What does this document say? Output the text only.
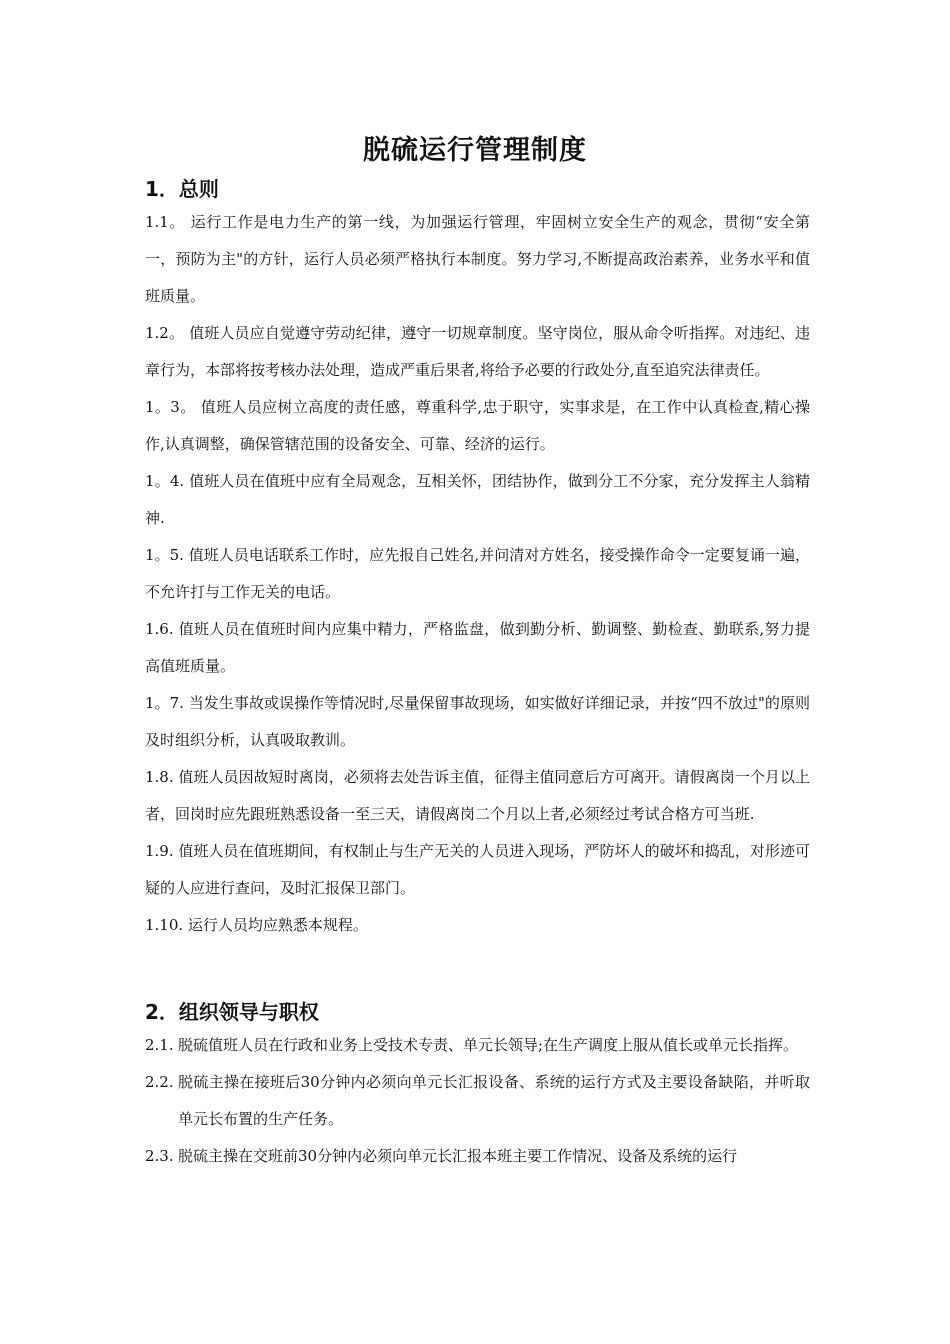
脱硫运行管理制度
1．总则

1.1。 运行工作是电力生产的第一线，为加强运行管理，牢固树立安全生产的观念，贯彻“安全第一，预防为主"的方针，运行人员必须严格执行本制度。努力学习,不断提高政治素养，业务水平和值班质量。

1.2。 值班人员应自觉遵守劳动纪律，遵守一切规章制度。坚守岗位，服从命令听指挥。对违纪、违章行为，本部将按考核办法处理，造成严重后果者,将给予必要的行政处分,直至追究法律责任。

1。3。 值班人员应树立高度的责任感，尊重科学,忠于职守，实事求是，在工作中认真检查,精心操作,认真调整，确保管辖范围的设备安全、可靠、经济的运行。

1。4. 值班人员在值班中应有全局观念，互相关怀，团结协作，做到分工不分家，充分发挥主人翁精神.

1。5. 值班人员电话联系工作时，应先报自己姓名,并问清对方姓名，接受操作命令一定要复诵一遍，不允许打与工作无关的电话。

1.6. 值班人员在值班时间内应集中精力，严格监盘，做到勤分析、勤调整、勤检查、勤联系,努力提高值班质量。

1。7. 当发生事故或误操作等情况时,尽量保留事故现场，如实做好详细记录，并按“四不放过"的原则及时组织分析，认真吸取教训。

1.8. 值班人员因故短时离岗，必须将去处告诉主值，征得主值同意后方可离开。请假离岗一个月以上者，回岗时应先跟班熟悉设备一至三天，请假离岗二个月以上者,必须经过考试合格方可当班.

1.9. 值班人员在值班期间，有权制止与生产无关的人员进入现场，严防坏人的破坏和捣乱，对形迹可疑的人应进行查问，及时汇报保卫部门。

1.10. 运行人员均应熟悉本规程。

2．组织领导与职权
2.1. 脱硫值班人员在行政和业务上受技术专责、单元长领导;在生产调度上服从值长或单元长指挥。
2.2. 脱硫主操在接班后30分钟内必须向单元长汇报设备、系统的运行方式及主要设备缺陷，并听取单元长布置的生产任务。
2.3. 脱硫主操在交班前30分钟内必须向单元长汇报本班主要工作情况、设备及系统的运行
